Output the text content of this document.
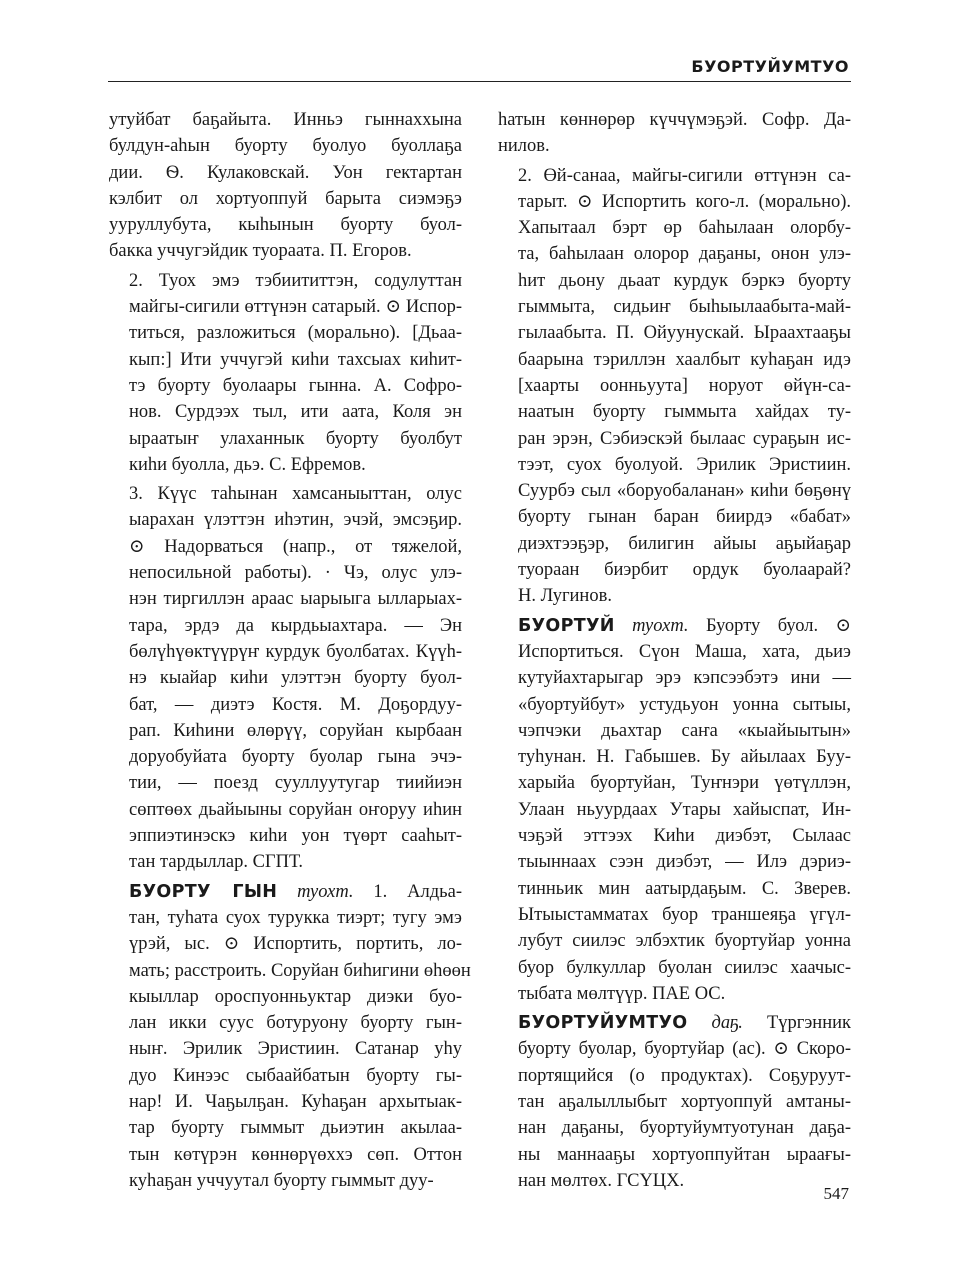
БУОРТУЙУМТУО

утуйбат баҕайыта. Инньэ гыннаххына
булдун-аһын буорту буолуо буоллаҕа
дии. Ѳ. Кулаковскай. Уон гектартан
кэлбит ол хортуоппуй барыта сиэмэҕэ
ууруллубута, кыһынын буорту буол-
бакка уччугэйдик туораата. П. Егоров.

2. Туох эмэ тэбиититтэн, содулуттан
майгы-сигили өттүнэн сатарый. ⊙ Испор-
титься, разложиться (морально). [Дьаа-
кып:] Ити уччугэй киһи тахсыах киһит-
тэ буорту буолаары гынна. А. Софро-
нов. Сурдээх тыл, ити аата, Коля эн
ыраатыҥ улаханнык буорту буолбут
киһи буолла, дьэ. С. Ефремов.

3. Күүс таһынан хамсаныыттан, олус
ыарахан үлэттэн иһэтин, эчэй, эмсэҕир.
⊙ Надорваться (напр., от тяжелой,
непосильной работы). · Чэ, олус улэ-
нэн тиргиллэн араас ыарыыга ылларыах-
тара, эрдэ да кырдьыахтара. — Эн
бөлүһүөктүүрүҥ курдук буолбатах. Күүһ-
нэ кыайар киһи улэттэн буорту буол-
бат, — диэтэ Костя. М. Доҕордуу-
рап. Киһини өлөрүү, соруйан кырбаан
доруобуйата буорту буолар гына эчэ-
тии, — поезд сууллуутугар тиийиэн
сөптөөх дьайыыны соруйан оҥоруу иһин
эппиэтинэскэ киһи уон түөрт сааһыт-
тан тардыллар. СГПТ.

БУОРТУ ГЫН туохт. 1. Алдьа-
тан, туһата суох турукка тиэрт; тугу эмэ
үрэй, ыс. ⊙ Испортить, портить, ло-
мать; расстроить. Соруйан биһигини өһөөн
кыыллар ороспуонньуктар диэки буо-
лан икки суус ботуруону буорту гын-
ныҥ. Эрилик Эристиин. Сатанар уһу
дуо Кинээс сыбаайбатын буорту гы-
нар! И. Чаҕылҕан. Куһаҕан архытыак-
тар буорту гыммыт дьиэтин акылаа-
тын көтүрэн көннөрүөххэ сөп. Оттон
куһаҕан уччуутал буорту гыммыт дуу-

һатын көннөрөр күччүмэҕэй. Софр. Да-
нилов.

2. Өй-санаа, майгы-сигили өттүнэн са-
тарыт. ⊙ Испортить кого-л. (морально).
Хапытаал бэрт өр баһылаан олорбу-
та, баһылаан олорор даҕаны, онон улэ-
һит дьону дьаат курдук бэркэ буорту
гыммыта, сидьиҥ быһыылаабыта-май-
гылаабыта. П. Ойуунускай. Ыраахтааҕы
баарына тэриллэн хаалбыт куһаҕан идэ
[хаарты оонньуута] норуот өйүн-са-
наатын буорту гыммыта хайдах ту-
ран эрэн, Сэбиэскэй былаас сураҕын ис-
тээт, суох буолуой. Эрилик Эристиин.
Суурбэ сыл «боруобаланан» киһи бөҕөнү
буорту гынан баран биирдэ «бабат»
диэхтээҕэр, билигин айыы аҕыйаҕар
туораан биэрбит ордук буолаарай?
Н. Лугинов.

БУОРТУЙ туохт. Буорту буол. ⊙
Испортиться. Сүон Маша, хата, дьиэ
кутуйахтарыгар эрэ кэпсээбэтэ ини —
«буортуйбут» устудьуон уонна сытыы,
чэпчэки дьахтар саҥа «кыайыытын»
туһунан. Н. Габышев. Бу айылаах Буу-
харыйа буортуйан, Туҥнэри үөтүллэн,
Улаан ньуурдаах Утары хайыспат, Ин-
чэҕэй эттээх Киһи диэбэт, Сылаас
тыыннаах сээн диэбэт, — Илэ дэриэ-
тинньик мин аатырдаҕым. С. Зверев.
Ытыыстамматах буор траншеяҕа үгүл-
лубут сиилэс элбэхтик буортуйар уонна
буор булкуллар буолан сиилэс хаачыс-
тыбата мөлтүүр. ПАЕ ОС.

БУОРТУЙУМТУО даҕ. Түргэнник
буорту буолар, буортуйар (ас). ⊙ Скоро-
портящийся (о продуктах). Соҕуруут-
тан аҕалыллыбыт хортуоппуй амтаны-
нан даҕаны, буортуйумтуотунан даҕа-
ны маннааҕы хортуоппуйтан ыраағы-
нан мөлтөх. ГСҮЦХ.

547
